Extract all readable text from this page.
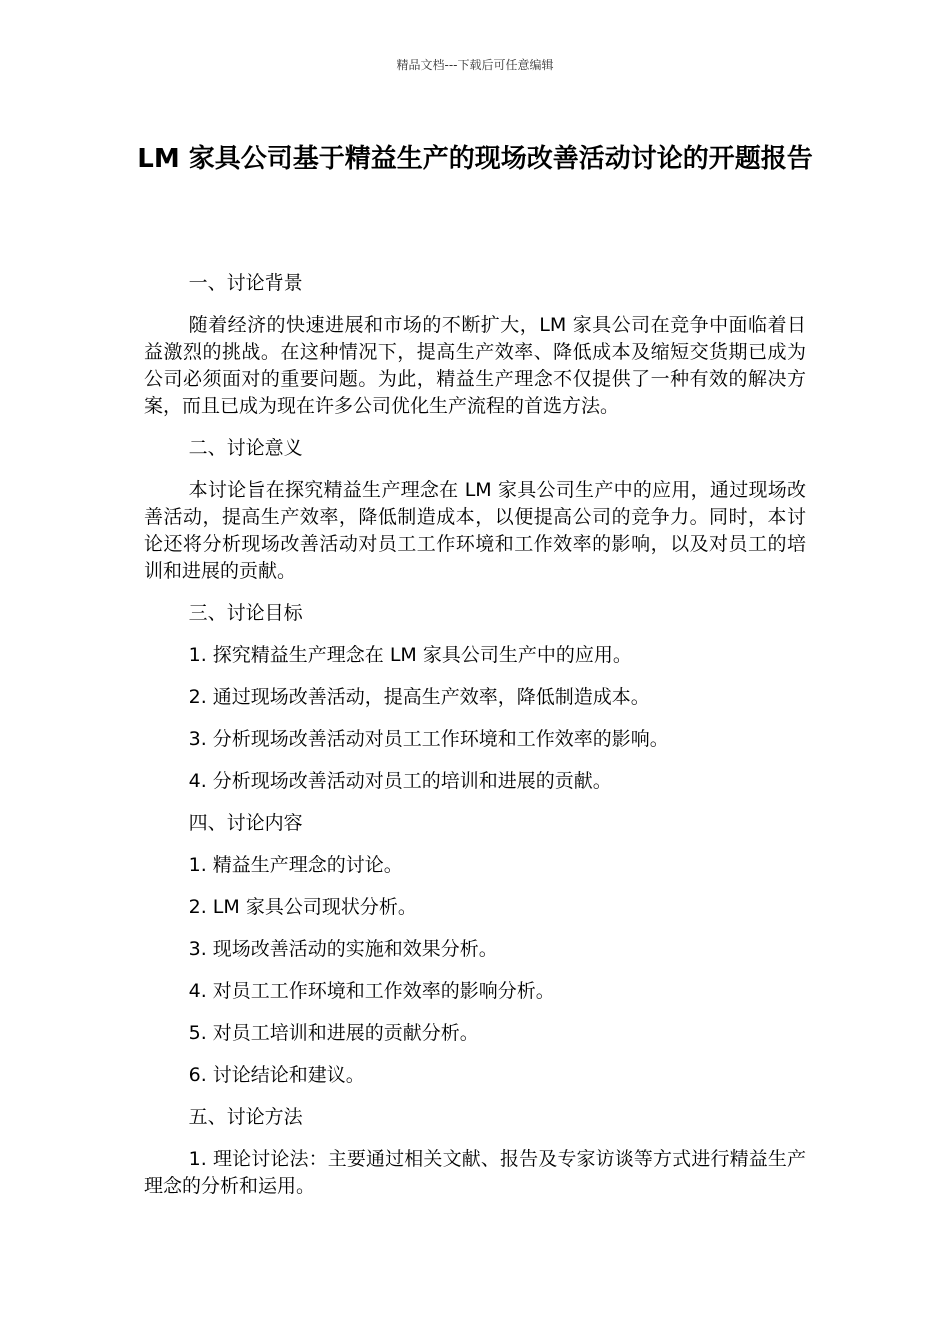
精品文档---下载后可任意编辑
LM 家具公司基于精益生产的现场改善活动讨论的开题报告
一、讨论背景

随着经济的快速进展和市场的不断扩大，LM 家具公司在竞争中面临着日益激烈的挑战。在这种情况下，提高生产效率、降低成本及缩短交货期已成为公司必须面对的重要问题。为此，精益生产理念不仅提供了一种有效的解决方案，而且已成为现在许多公司优化生产流程的首选方法。

二、讨论意义

本讨论旨在探究精益生产理念在 LM 家具公司生产中的应用，通过现场改善活动，提高生产效率，降低制造成本，以便提高公司的竞争力。同时，本讨论还将分析现场改善活动对员工工作环境和工作效率的影响，以及对员工的培训和进展的贡献。

三、讨论目标
1. 探究精益生产理念在 LM 家具公司生产中的应用。
2. 通过现场改善活动，提高生产效率，降低制造成本。
3. 分析现场改善活动对员工工作环境和工作效率的影响。
4. 分析现场改善活动对员工的培训和进展的贡献。
四、讨论内容
1. 精益生产理念的讨论。
2. LM 家具公司现状分析。
3. 现场改善活动的实施和效果分析。
4. 对员工工作环境和工作效率的影响分析。
5. 对员工培训和进展的贡献分析。
6. 讨论结论和建议。
五、讨论方法

1. 理论讨论法：主要通过相关文献、报告及专家访谈等方式进行精益生产理念的分析和运用。
